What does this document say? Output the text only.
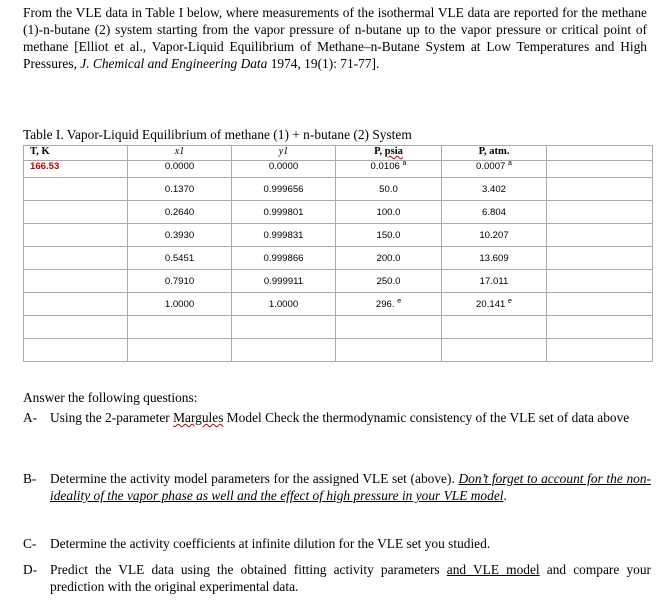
From the VLE data in Table I below, where measurements of the isothermal VLE data are reported for the methane (1)-n-butane (2) system starting from the vapor pressure of n-butane up to the vapor pressure or critical point of methane [Elliot et al., Vapor-Liquid Equilibrium of Methane–n-Butane System at Low Temperatures and High Pressures, J. Chemical and Engineering Data 1974, 19(1): 71-77].

Table I. Vapor-Liquid Equilibrium of methane (1) + n-butane (2) System
T, K	x1	y1	P, psia	P, atm.	
166.53	0.0000	0.0000	0.0106 $^a$	0.0007 $^a$	
	0.1370	0.999656	50.0	3.402	
	0.2640	0.999801	100.0	6.804	
	0.3930	0.999831	150.0	10.207	
	0.5451	0.999866	200.0	13.609	
	0.7910	0.999911	250.0	17.011	
	1.0000	1.0000	296. $^e$	20.141 $^e$	

Answer the following questions:
A- Using the 2-parameter Margules Model Check the thermodynamic consistency of the VLE set of data above
B-	Determine the activity model parameters for the assigned VLE set (above). Don’t forget to account for the non-ideality of the vapor phase as well and the effect of high pressure in your VLE model.
C-	Determine the activity coefficients at infinite dilution for the VLE set you studied.
D- Predict the VLE data using the obtained fitting activity parameters and VLE model and compare your prediction with the original experimental data.
